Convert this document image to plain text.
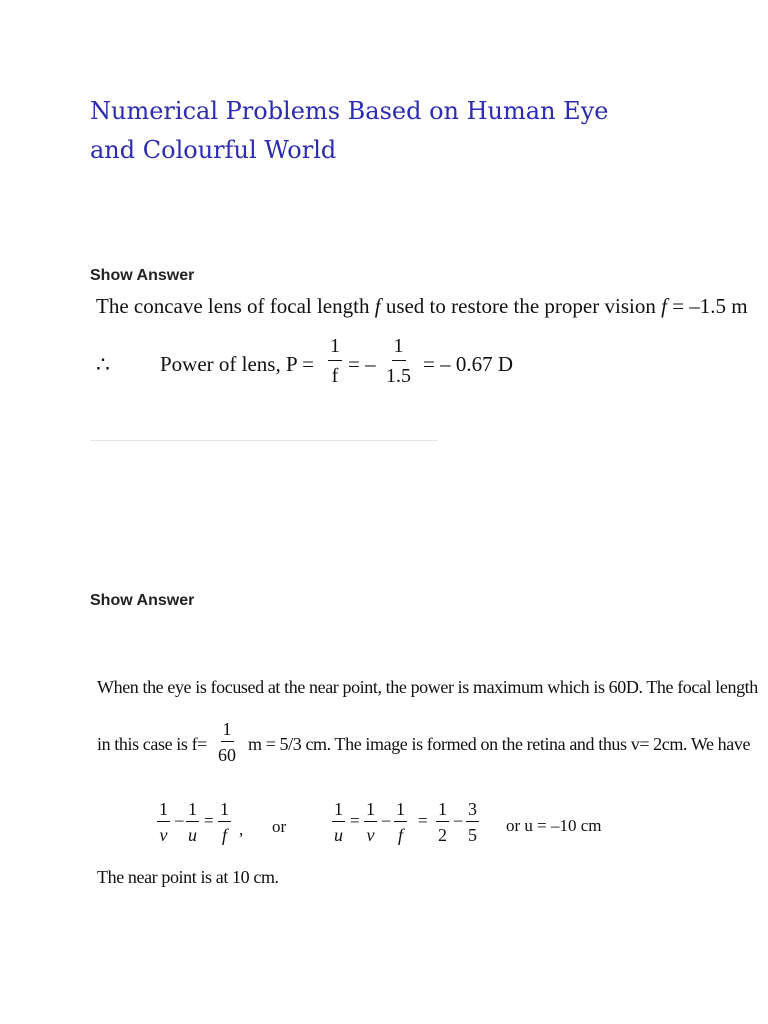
Numerical Problems Based on Human Eye and Colourful World
Show Answer
The concave lens of focal length f used to restore the proper vision f = –1.5 m
∴ Power of lens, $P = \frac{1}{f}$ = – $\frac{1}{1.5}$ = – 0.67 D
Show Answer
When the eye is focused at the near point, the power is maximum which is 60D. The focal length
in this case is $f= \frac{1}{60}$ m = 5/3 cm. The image is formed on the retina and thus v= 2cm. We have
$\frac{1}{v} - \frac{1}{u} = \frac{1}{f}$ , or	$\frac{1}{u} = \frac{1}{v} - \frac{1}{f} = \frac{1}{2} - \frac{3}{5}$ or u = –10 cm
The near point is at 10 cm.
